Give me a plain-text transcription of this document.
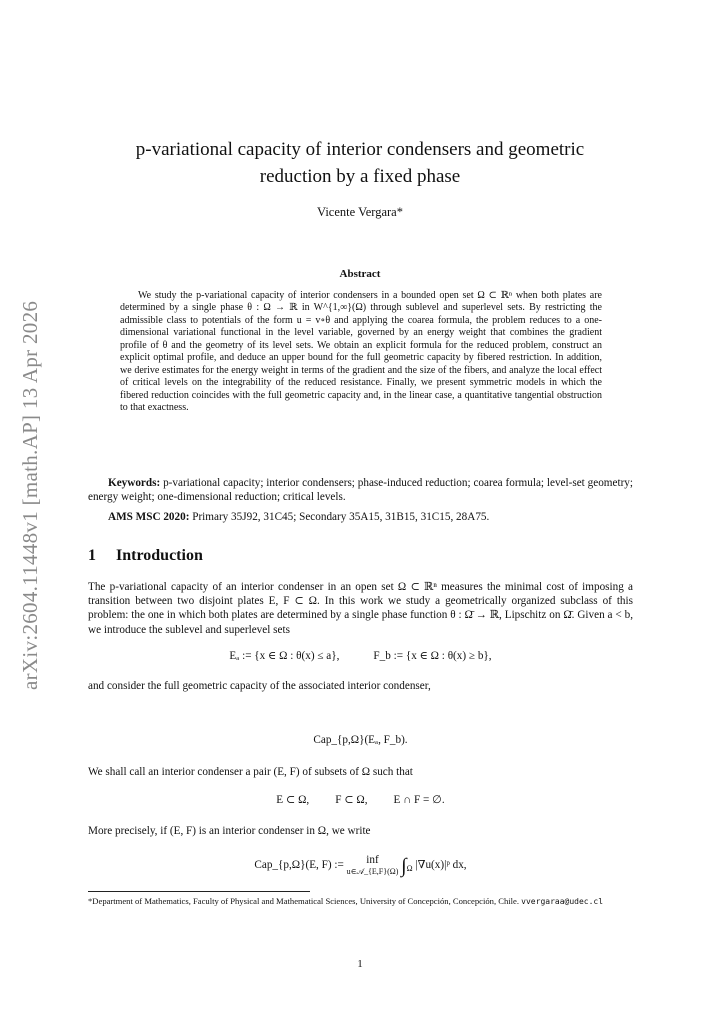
arXiv:2604.11448v1 [math.AP] 13 Apr 2026
p-variational capacity of interior condensers and geometric
reduction by a fixed phase
Vicente Vergara*
Abstract
We study the p-variational capacity of interior condensers in a bounded open set Ω ⊂ ℝⁿ when both plates are determined by a single phase θ : Ω → ℝ in W^{1,∞}(Ω) through sublevel and superlevel sets. By restricting the admissible class to potentials of the form u = v∘θ and applying the coarea formula, the problem reduces to a one-dimensional variational functional in the level variable, governed by an energy weight that combines the gradient profile of θ and the geometry of its level sets. We obtain an explicit formula for the reduced problem, construct an explicit optimal profile, and deduce an upper bound for the full geometric capacity by fibered restriction. In addition, we derive estimates for the energy weight in terms of the gradient and the size of the fibers, and analyze the local effect of critical levels on the integrability of the reduced resistance. Finally, we present symmetric models in which the fibered reduction coincides with the full geometric capacity and, in the linear case, a quantitative tangential obstruction to that exactness.
Keywords: p-variational capacity; interior condensers; phase-induced reduction; coarea formula; level-set geometry; energy weight; one-dimensional reduction; critical levels.
AMS MSC 2020: Primary 35J92, 31C45; Secondary 35A15, 31B15, 31C15, 28A75.
1 Introduction
The p-variational capacity of an interior condenser in an open set Ω ⊂ ℝⁿ measures the minimal cost of imposing a transition between two disjoint plates E, F ⊂ Ω. In this work we study a geometrically organized subclass of this problem: the one in which both plates are determined by a single phase function θ : Ω̄ → ℝ, Lipschitz on Ω̄. Given a < b, we introduce the sublevel and superlevel sets
Eₐ := {x ∈ Ω : θ(x) ≤ a},	F_b := {x ∈ Ω : θ(x) ≥ b},
and consider the full geometric capacity of the associated interior condenser,
Cap_{p,Ω}(Eₐ, F_b).
We shall call an interior condenser a pair (E, F) of subsets of Ω such that
E ⊂ Ω, F ⊂ Ω, E ∩ F = ∅.
More precisely, if (E, F) is an interior condenser in Ω, we write
Cap_{p,Ω}(E, F) := inf
u∈𝒜_{E,F}(Ω) $\int_\Omega$ |∇u(x)|ᵖ dx,
*Department of Mathematics, Faculty of Physical and Mathematical Sciences, University of Concepción, Concepción, Chile. vvergaraa@udec.cl
1
